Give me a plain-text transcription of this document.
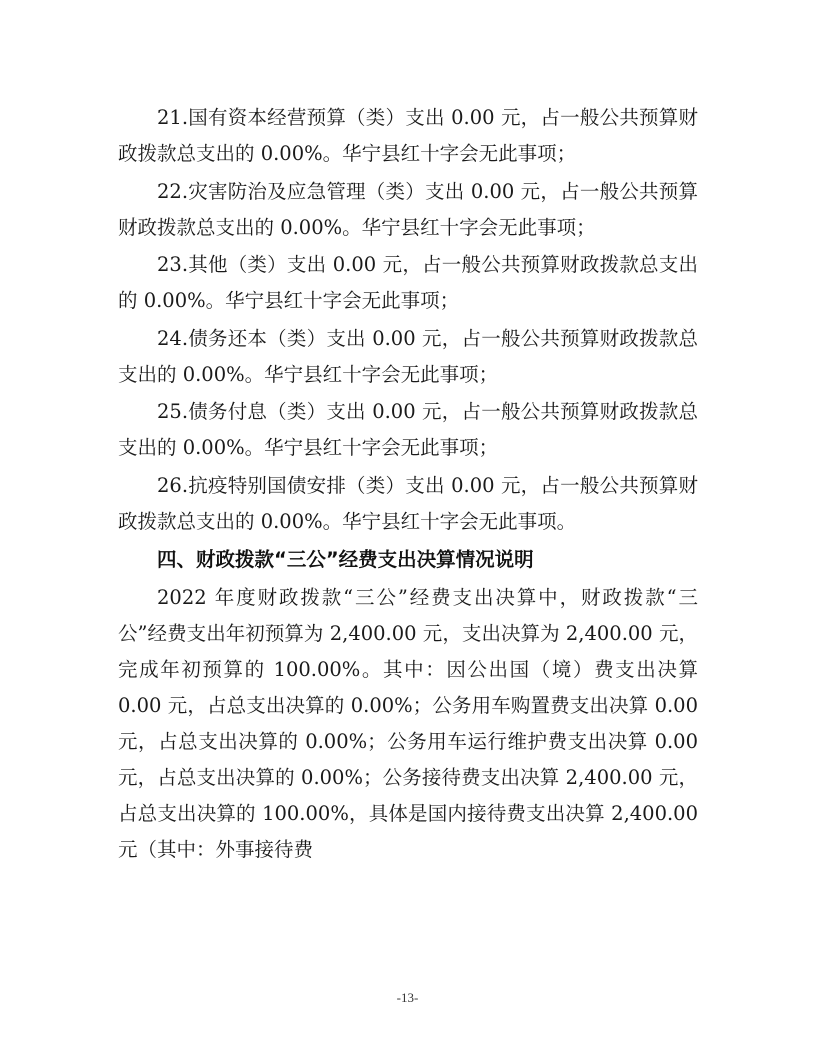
21.国有资本经营预算（类）支出 0.00 元，占一般公共预算财政拨款总支出的 0.00%。华宁县红十字会无此事项；

22.灾害防治及应急管理（类）支出 0.00 元，占一般公共预算财政拨款总支出的 0.00%。华宁县红十字会无此事项；

23.其他（类）支出 0.00 元，占一般公共预算财政拨款总支出的 0.00%。华宁县红十字会无此事项；

24.债务还本（类）支出 0.00 元，占一般公共预算财政拨款总支出的 0.00%。华宁县红十字会无此事项；

25.债务付息（类）支出 0.00 元，占一般公共预算财政拨款总支出的 0.00%。华宁县红十字会无此事项；

26.抗疫特别国债安排（类）支出 0.00 元，占一般公共预算财政拨款总支出的 0.00%。华宁县红十字会无此事项。

四、财政拨款“三公”经费支出决算情况说明

2022 年度财政拨款“三公”经费支出决算中，财政拨款“三公”经费支出年初预算为 2,400.00 元，支出决算为 2,400.00 元，完成年初预算的 100.00%。其中：因公出国（境）费支出决算 0.00 元，占总支出决算的 0.00%；公务用车购置费支出决算 0.00 元，占总支出决算的 0.00%；公务用车运行维护费支出决算 0.00 元，占总支出决算的 0.00%；公务接待费支出决算 2,400.00 元，占总支出决算的 100.00%，具体是国内接待费支出决算 2,400.00 元（其中：外事接待费

-13-
